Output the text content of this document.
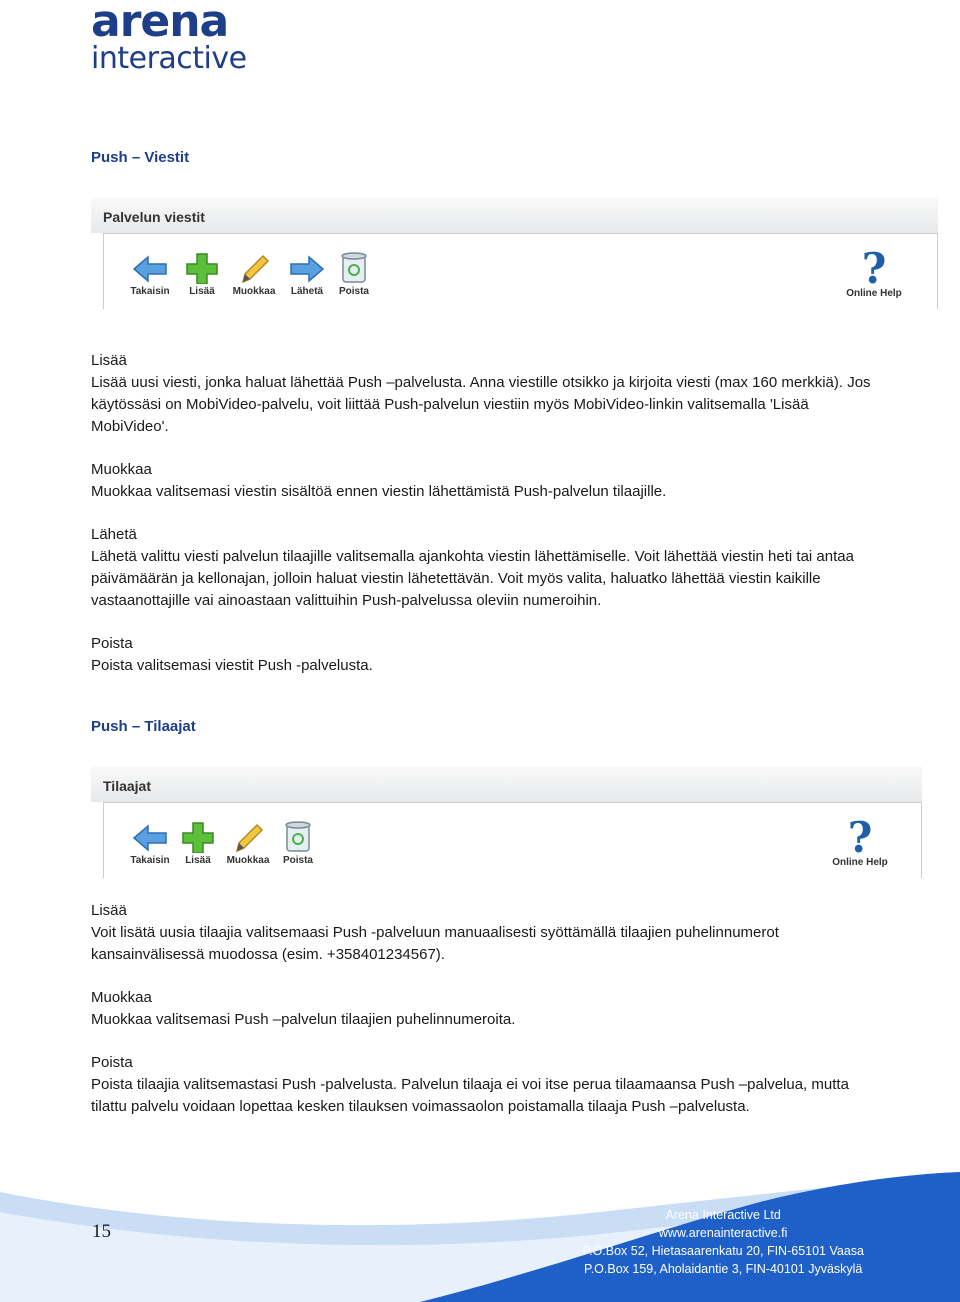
arena
interactive
Push – Viestit
Palvelun viestit
Takaisin	Lisää	Muokkaa	Lähetä	Poista	?
Online Help

Lisää

Lisää uusi viesti, jonka haluat lähettää Push –palvelusta. Anna viestille otsikko ja kirjoita viesti (max 160 merkkiä). Jos käytössäsi on MobiVideo-palvelu, voit liittää Push-palvelun viestiin myös MobiVideo-linkin valitsemalla 'Lisää MobiVideo'.

Muokkaa

Muokkaa valitsemasi viestin sisältöä ennen viestin lähettämistä Push-palvelun tilaajille.

Lähetä

Lähetä valittu viesti palvelun tilaajille valitsemalla ajankohta viestin lähettämiselle. Voit lähettää viestin heti tai antaa päivämäärän ja kellonajan, jolloin haluat viestin lähetettävän. Voit myös valita, haluatko lähettää viestin kaikille vastaanottajille vai ainoastaan valittuihin Push-palvelussa oleviin numeroihin.

Poista

Poista valitsemasi viestit Push -palvelusta.

Push – Tilaajat
Tilaajat
Takaisin	Lisää	Muokkaa	Poista	?
Online Help

Lisää

Voit lisätä uusia tilaajia valitsemaasi Push -palveluun manuaalisesti syöttämällä tilaajien puhelinnumerot kansainvälisessä muodossa (esim. +358401234567).

Muokkaa

Muokkaa valitsemasi Push –palvelun tilaajien puhelinnumeroita.

Poista

Poista tilaajia valitsemastasi Push -palvelusta. Palvelun tilaaja ei voi itse perua tilaamaansa Push –palvelua, mutta tilattu palvelu voidaan lopettaa kesken tilauksen voimassaolon poistamalla tilaaja Push –palvelusta.

15
Arena Interactive Ltd
www.arenainteractive.fi
P.O.Box 52, Hietasaarenkatu 20, FIN-65101 Vaasa
P.O.Box 159, Aholaidantie 3, FIN-40101 Jyväskylä
